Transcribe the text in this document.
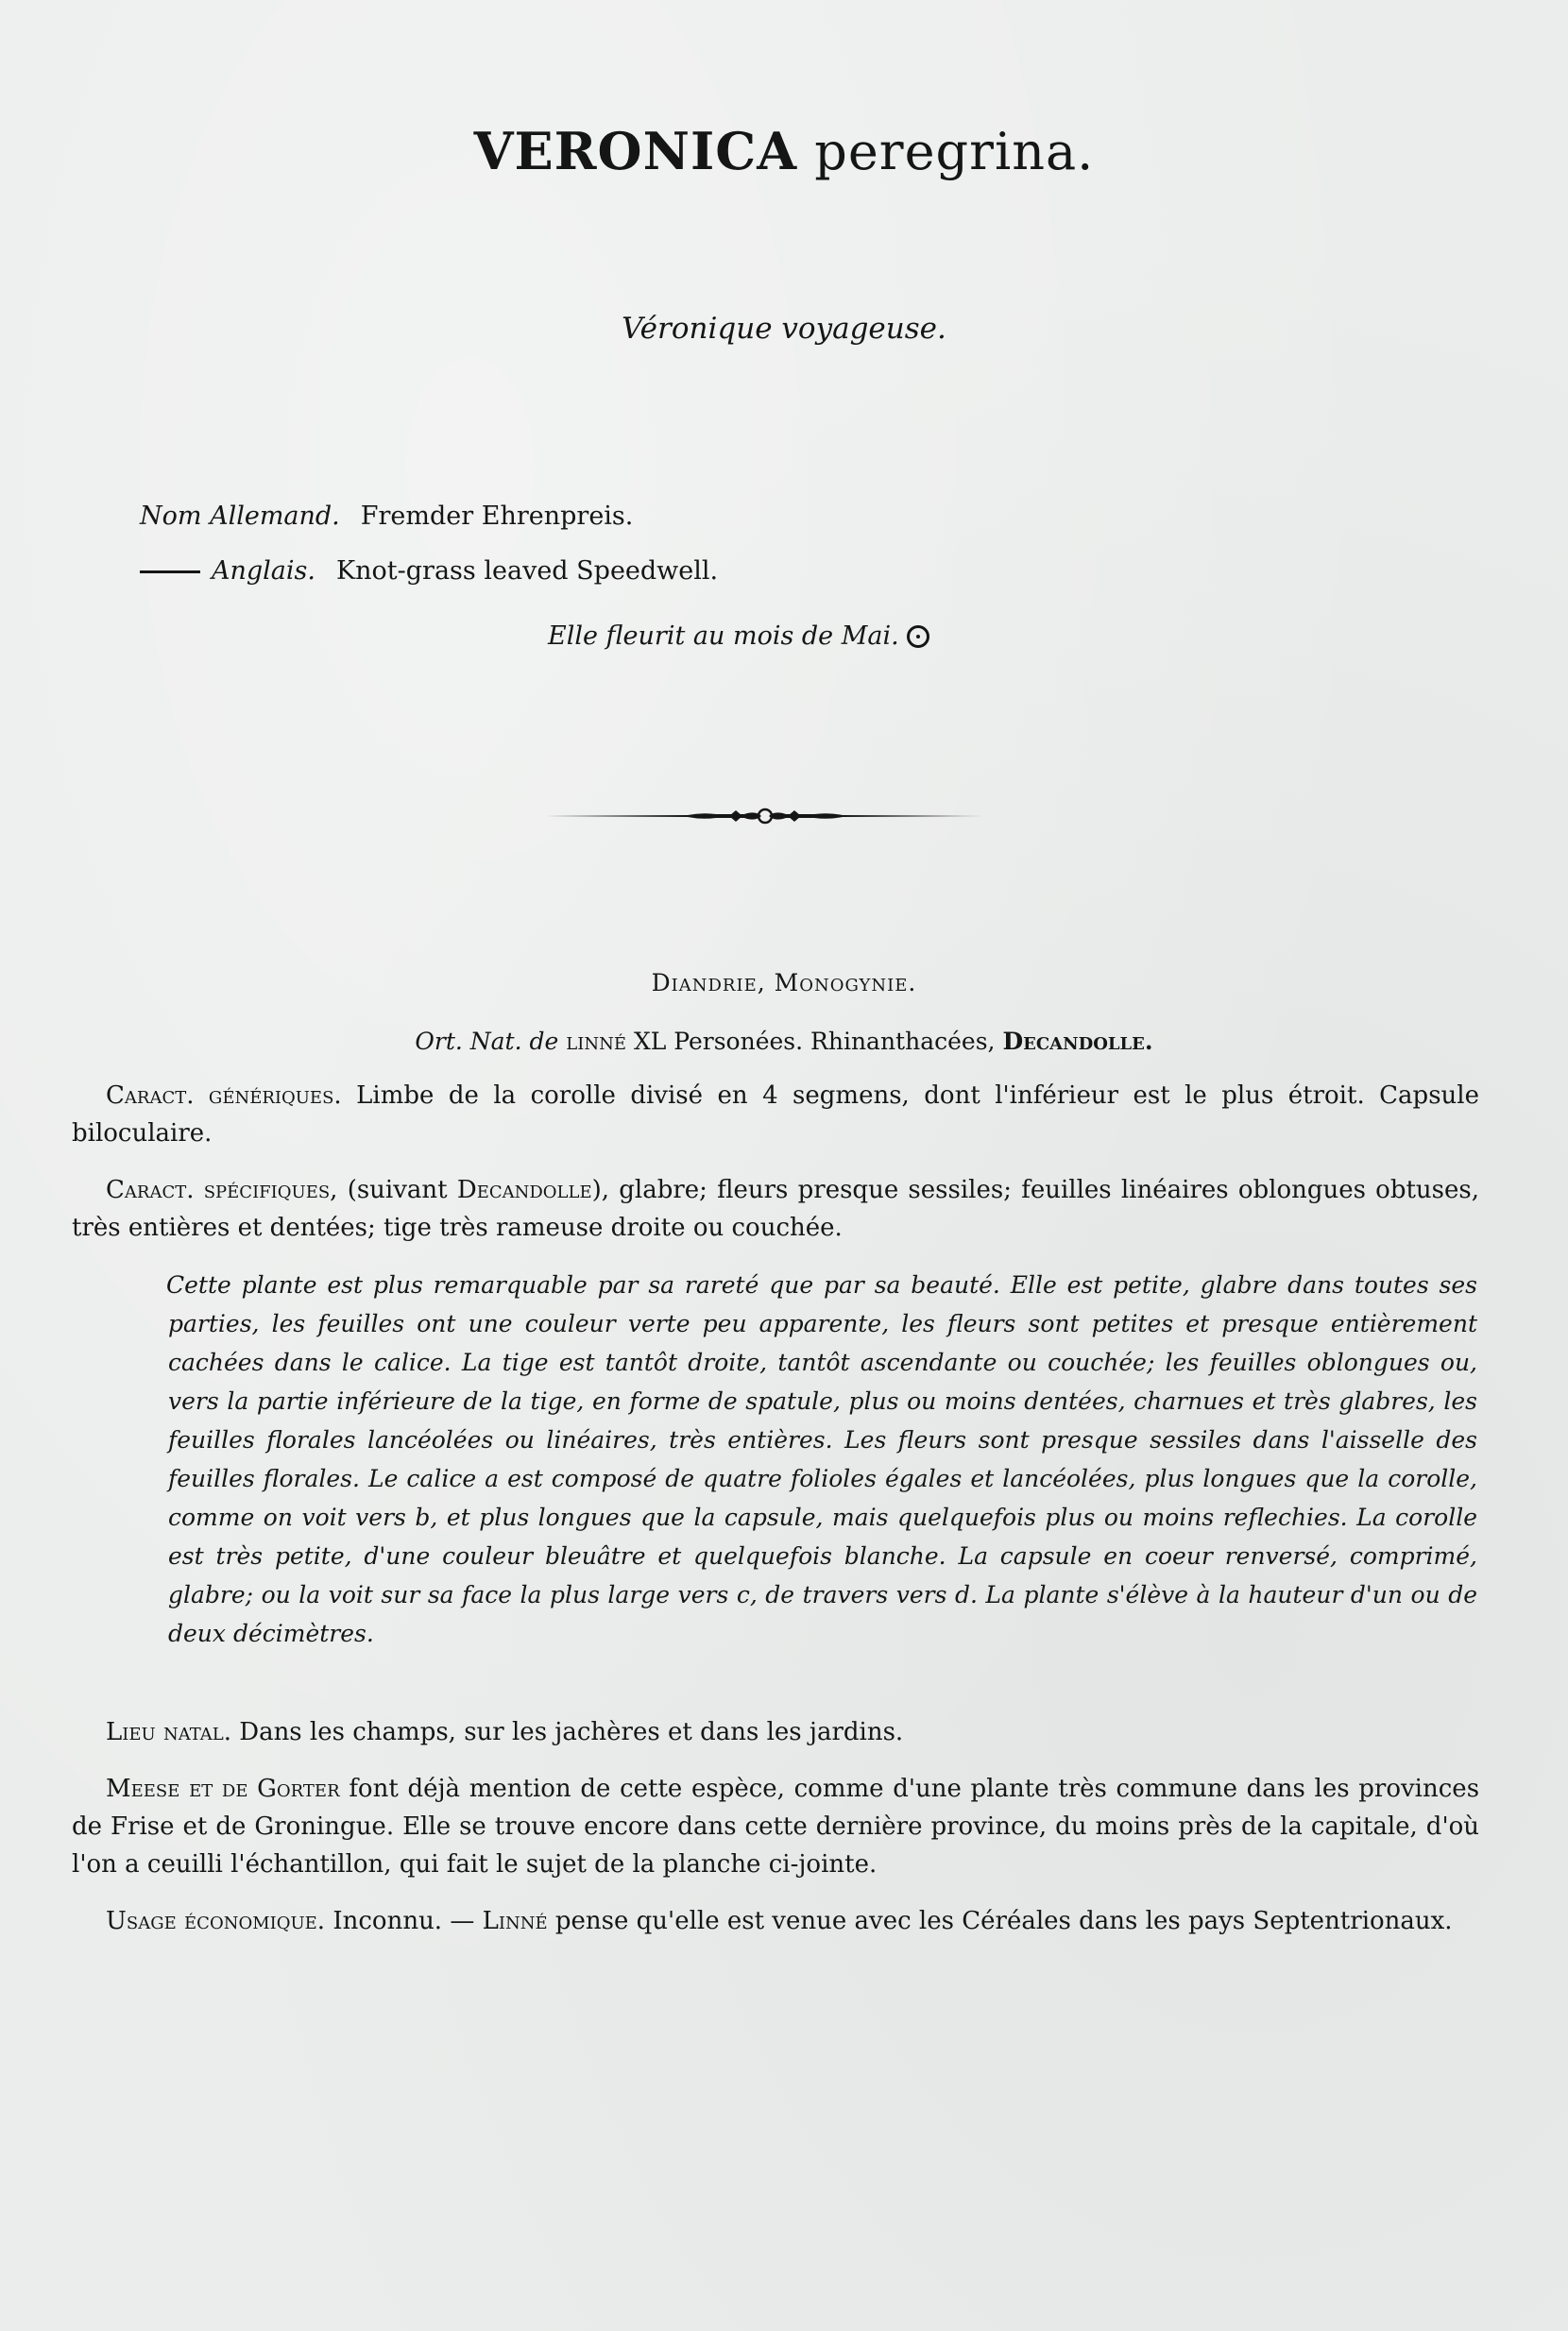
VERONICA peregrina.
Véronique voyageuse.
Nom Allemand. Fremder Ehrenpreis.
Anglais. Knot-grass leaved Speedwell.
Elle fleurit au mois de Mai.
Diandrie, Monogynie.
Ort. Nat. de linné XL Personées. Rhinanthacées, Decandolle.
Caract. génériques. Limbe de la corolle divisé en 4 segmens, dont l'inférieur est le plus étroit. Capsule biloculaire.
Caract. spécifiques, (suivant Decandolle), glabre; fleurs presque sessiles; feuilles linéaires oblongues obtuses, très entières et dentées; tige très rameuse droite ou couchée.
Cette plante est plus remarquable par sa rareté que par sa beauté. Elle est petite, glabre dans toutes ses parties, les feuilles ont une couleur verte peu apparente, les fleurs sont petites et presque entièrement cachées dans le calice. La tige est tantôt droite, tantôt ascendante ou couchée; les feuilles oblongues ou, vers la partie inférieure de la tige, en forme de spatule, plus ou moins dentées, charnues et très glabres, les feuilles florales lancéolées ou linéaires, très entières. Les fleurs sont presque sessiles dans l'aisselle des feuilles florales. Le calice a est composé de quatre folioles égales et lancéolées, plus longues que la corolle, comme on voit vers b, et plus longues que la capsule, mais quelquefois plus ou moins reflechies. La corolle est très petite, d'une couleur bleuâtre et quelquefois blanche. La capsule en coeur renversé, comprimé, glabre; ou la voit sur sa face la plus large vers c, de travers vers d. La plante s'élève à la hauteur d'un ou de deux décimètres.
Lieu natal. Dans les champs, sur les jachères et dans les jardins.
Meese et de Gorter font déjà mention de cette espèce, comme d'une plante très commune dans les provinces de Frise et de Groningue. Elle se trouve encore dans cette dernière province, du moins près de la capitale, d'où l'on a ceuilli l'échantillon, qui fait le sujet de la planche ci-jointe.
Usage économique. Inconnu. — Linné pense qu'elle est venue avec les Céréales dans les pays Septentrionaux.
